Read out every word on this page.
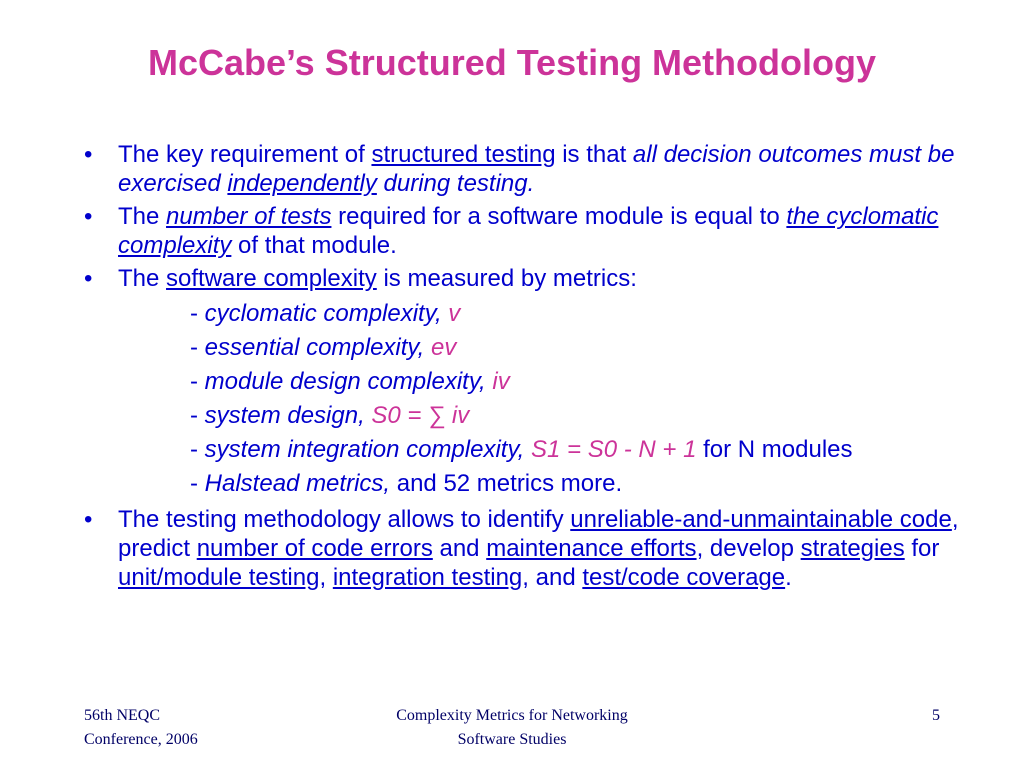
McCabe’s Structured Testing Methodology
• The key requirement of structured testing is that all decision outcomes must be exercised independently during testing.
• The number of tests required for a software module is equal to the cyclomatic complexity of that module.
• The software complexity is measured by metrics:
- cyclomatic complexity, v
- essential complexity, ev
- module design complexity, iv
- system design, S0 = ∑ iv
- system integration complexity, S1 = S0 - N + 1 for N modules
- Halstead metrics, and 52 metrics more.
• The testing methodology allows to identify unreliable-and-unmaintainable code, predict number of code errors and maintenance efforts, develop strategies for unit/module testing, integration testing, and test/code coverage.
56th NEQC
Conference, 2006
Complexity Metrics for Networking
Software Studies
5
